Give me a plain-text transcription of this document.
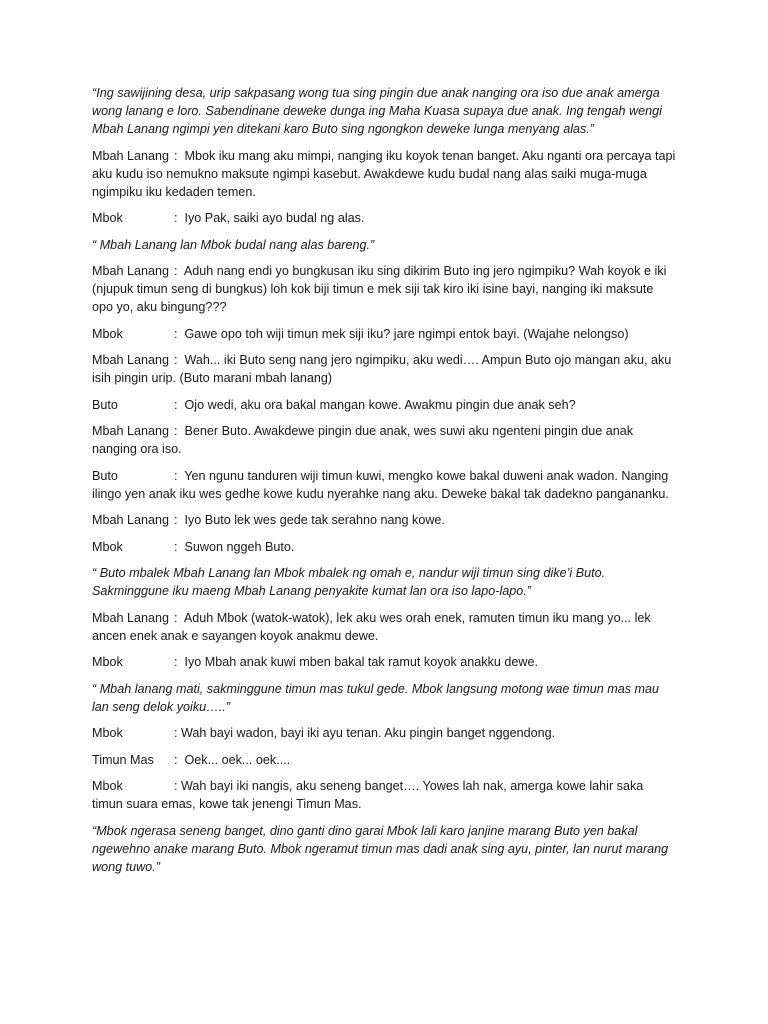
“Ing sawijining desa, urip sakpasang wong tua sing pingin due anak nanging ora iso due anak amerga wong lanang e loro. Sabendinane deweke dunga ing Maha Kuasa supaya due anak. Ing tengah wengi Mbah Lanang ngimpi yen ditekani karo Buto sing ngongkon deweke lunga menyang alas.”

Mbah Lanang :  Mbok iku mang aku mimpi, nanging iku koyok tenan banget. Aku nganti ora percaya tapi aku kudu iso nemukno maksute ngimpi kasebut. Awakdewe kudu budal nang alas saiki muga-muga ngimpiku iku kedaden temen.

Mbok	:  Iyo Pak, saiki ayo budal ng alas.

“ Mbah Lanang lan Mbok budal nang alas bareng.”

Mbah Lanang :  Aduh nang endi yo bungkusan iku sing dikirim Buto ing jero ngimpiku? Wah koyok e iki (njupuk timun seng di bungkus) loh kok biji timun e mek siji tak kiro iki isine bayi, nanging iki maksute opo yo, aku bingung???

Mbok	:  Gawe opo toh wiji timun mek siji iku? jare ngimpi entok bayi. (Wajahe nelongso)

Mbah Lanang :  Wah... iki Buto seng nang jero ngimpiku, aku wedi…. Ampun Buto ojo mangan aku, aku isih pingin urip. (Buto marani mbah lanang)

Buto	:  Ojo wedi, aku ora bakal mangan kowe. Awakmu pingin due anak seh?

Mbah Lanang :  Bener Buto. Awakdewe pingin due anak, wes suwi aku ngenteni pingin due anak nanging ora iso.

Buto	:  Yen ngunu tanduren wiji timun kuwi, mengko kowe bakal duweni anak wadon. Nanging ilingo yen anak iku wes gedhe kowe kudu nyerahke nang aku. Deweke bakal tak dadekno pangananku.

Mbah Lanang :  Iyo Buto lek wes gede tak serahno nang kowe.

Mbok	:  Suwon nggeh Buto.

“ Buto mbalek Mbah Lanang lan Mbok mbalek ng omah e, nandur wiji timun sing dike’i Buto. Sakminggune iku maeng Mbah Lanang penyakite kumat lan ora iso lapo-lapo.”

Mbah Lanang :  Aduh Mbok (watok-watok), lek aku wes orah enek, ramuten timun iku mang yo... lek ancen enek anak e sayangen koyok anakmu dewe.

Mbok	:  Iyo Mbah anak kuwi mben bakal tak ramut koyok anakku dewe.

“ Mbah lanang mati, sakminggune timun mas tukul gede. Mbok langsung motong wae timun mas mau lan seng delok yoiku…..”

Mbok	: Wah bayi wadon, bayi iki ayu tenan. Aku pingin banget nggendong.

Timun Mas :  Oek... oek... oek....

Mbok	: Wah bayi iki nangis, aku seneng banget…. Yowes lah nak, amerga kowe lahir saka timun suara emas, kowe tak jenengi Timun Mas.

“Mbok ngerasa seneng banget, dino ganti dino garai Mbok lali karo janjine marang Buto yen bakal ngewehno anake marang Buto. Mbok ngeramut timun mas dadi anak sing ayu, pinter, lan nurut marang wong tuwo.”
